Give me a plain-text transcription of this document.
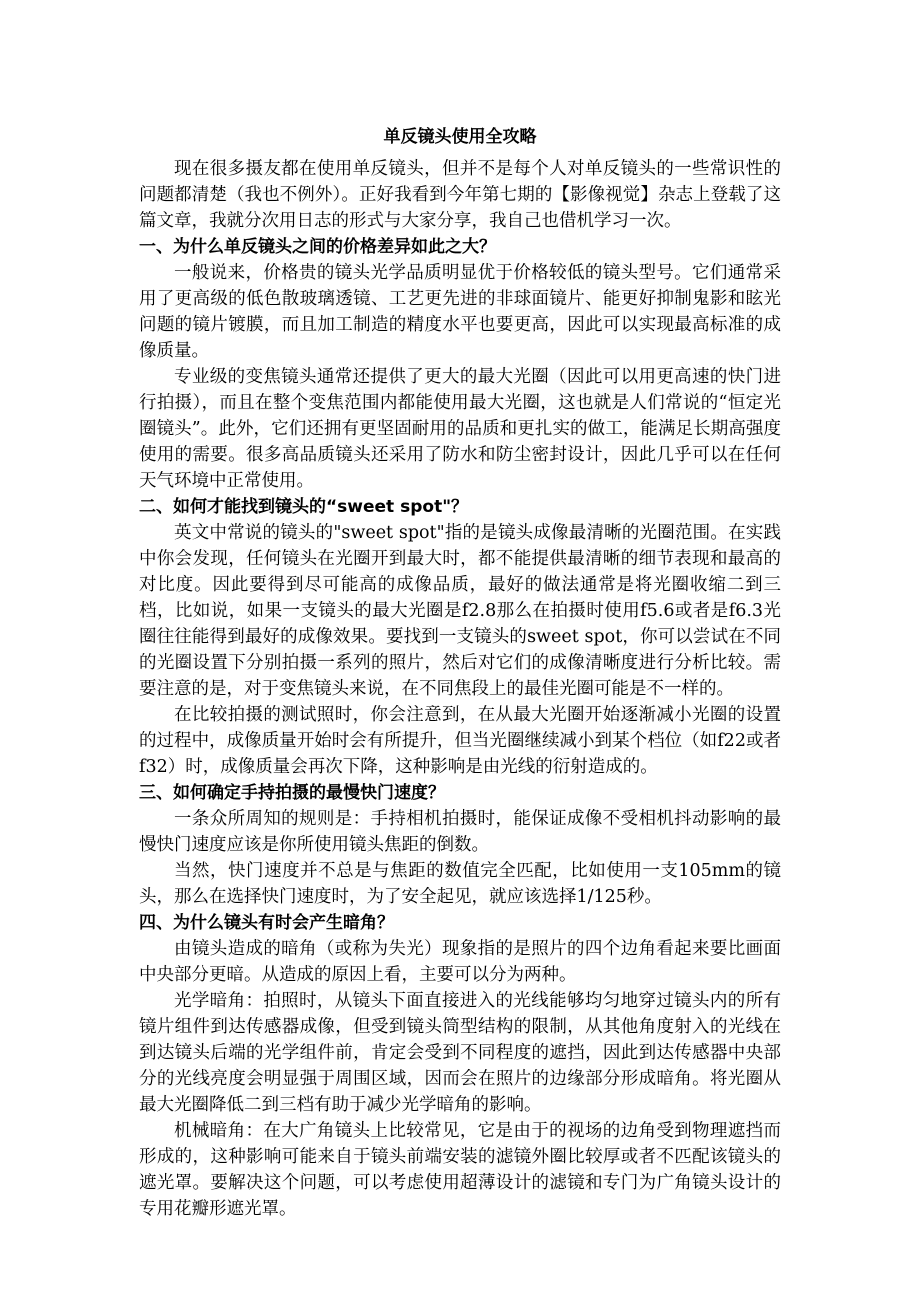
单反镜头使用全攻略

现在很多摄友都在使用单反镜头，但并不是每个人对单反镜头的一些常识性的问题都清楚（我也不例外）。正好我看到今年第七期的【影像视觉】杂志上登载了这篇文章，我就分次用日志的形式与大家分享，我自己也借机学习一次。

一、为什么单反镜头之间的价格差异如此之大？

一般说来，价格贵的镜头光学品质明显优于价格较低的镜头型号。它们通常采用了更高级的低色散玻璃透镜、工艺更先进的非球面镜片、能更好抑制鬼影和眩光问题的镜片镀膜，而且加工制造的精度水平也要更高，因此可以实现最高标准的成像质量。

专业级的变焦镜头通常还提供了更大的最大光圈（因此可以用更高速的快门进行拍摄），而且在整个变焦范围内都能使用最大光圈，这也就是人们常说的“恒定光圈镜头”。此外，它们还拥有更坚固耐用的品质和更扎实的做工，能满足长期高强度使用的需要。很多高品质镜头还采用了防水和防尘密封设计，因此几乎可以在任何天气环境中正常使用。

二、如何才能找到镜头的“sweet spot"？

英文中常说的镜头的"sweet spot"指的是镜头成像最清晰的光圈范围。在实践中你会发现，任何镜头在光圈开到最大时，都不能提供最清晰的细节表现和最高的对比度。因此要得到尽可能高的成像品质，最好的做法通常是将光圈收缩二到三档，比如说，如果一支镜头的最大光圈是f2.8那么在拍摄时使用f5.6或者是f6.3光圈往往能得到最好的成像效果。要找到一支镜头的sweet spot，你可以尝试在不同的光圈设置下分别拍摄一系列的照片，然后对它们的成像清晰度进行分析比较。需要注意的是，对于变焦镜头来说，在不同焦段上的最佳光圈可能是不一样的。

在比较拍摄的测试照时，你会注意到，在从最大光圈开始逐渐减小光圈的设置的过程中，成像质量开始时会有所提升，但当光圈继续减小到某个档位（如f22或者f32）时，成像质量会再次下降，这种影响是由光线的衍射造成的。

三、如何确定手持拍摄的最慢快门速度？

一条众所周知的规则是：手持相机拍摄时，能保证成像不受相机抖动影响的最慢快门速度应该是你所使用镜头焦距的倒数。

当然，快门速度并不总是与焦距的数值完全匹配，比如使用一支105mm的镜头，那么在选择快门速度时，为了安全起见，就应该选择1/125秒。

四、为什么镜头有时会产生暗角？

由镜头造成的暗角（或称为失光）现象指的是照片的四个边角看起来要比画面中央部分更暗。从造成的原因上看，主要可以分为两种。

光学暗角：拍照时，从镜头下面直接进入的光线能够均匀地穿过镜头内的所有镜片组件到达传感器成像，但受到镜头筒型结构的限制，从其他角度射入的光线在到达镜头后端的光学组件前，肯定会受到不同程度的遮挡，因此到达传感器中央部分的光线亮度会明显强于周围区域，因而会在照片的边缘部分形成暗角。将光圈从最大光圈降低二到三档有助于减少光学暗角的影响。

机械暗角：在大广角镜头上比较常见，它是由于的视场的边角受到物理遮挡而形成的，这种影响可能来自于镜头前端安装的滤镜外圈比较厚或者不匹配该镜头的遮光罩。要解决这个问题，可以考虑使用超薄设计的滤镜和专门为广角镜头设计的专用花瓣形遮光罩。
